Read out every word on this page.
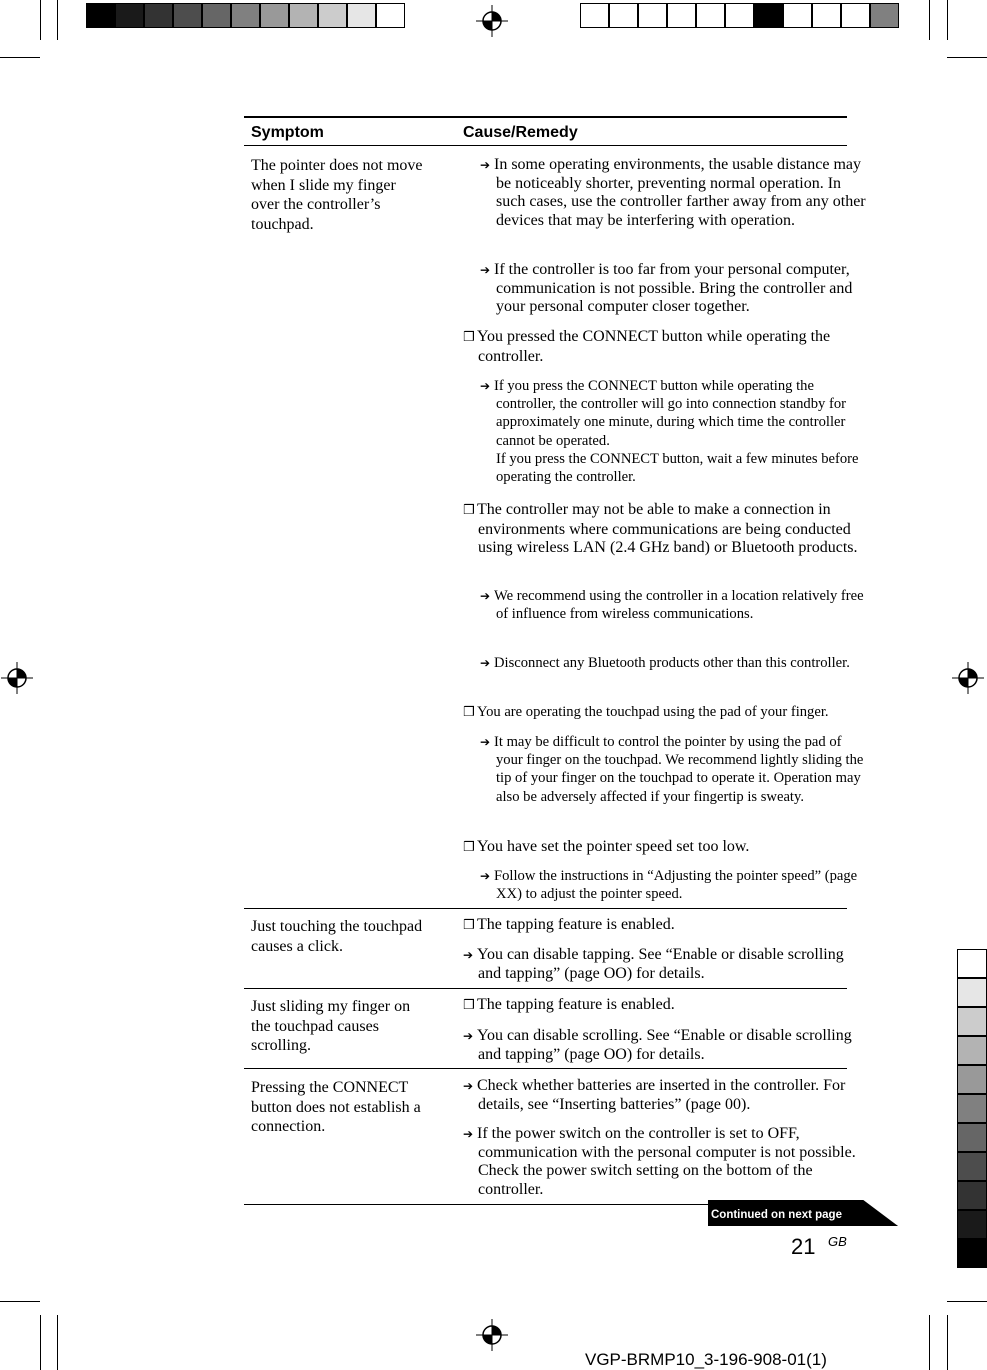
Symptom	Cause/Remedy
The pointer does not move when I slide my finger over the controller’s touchpad.
➔ In some operating environments, the usable distance may be noticeably shorter, preventing normal operation. In such cases, use the controller farther away from any other devices that may be interfering with operation.
➔ If the controller is too far from your personal computer, communication is not possible. Bring the controller and your personal computer closer together.
❒ You pressed the CONNECT button while operating the controller.
➔ If you press the CONNECT button while operating the controller, the controller will go into connection standby for approximately one minute, during which time the controller cannot be operated.
If you press the CONNECT button, wait a few minutes before operating the controller.
❒ The controller may not be able to make a connection in environments where communications are being conducted using wireless LAN (2.4 GHz band) or Bluetooth products.
➔ We recommend using the controller in a location relatively free of influence from wireless communications.
➔ Disconnect any Bluetooth products other than this controller.
❒ You are operating the touchpad using the pad of your finger.
➔ It may be difficult to control the pointer by using the pad of your finger on the touchpad. We recommend lightly sliding the tip of your finger on the touchpad to operate it. Operation may also be adversely affected if your fingertip is sweaty.
❒ You have set the pointer speed set too low.
➔ Follow the instructions in “Adjusting the pointer speed” (page XX) to adjust the pointer speed.
Just touching the touchpad causes a click.
❒ The tapping feature is enabled.
➔ You can disable tapping. See “Enable or disable scrolling and tapping” (page OO) for details.
Just sliding my finger on the touchpad causes scrolling.
❒ The tapping feature is enabled.
➔ You can disable scrolling. See “Enable or disable scrolling and tapping” (page OO) for details.
Pressing the CONNECT button does not establish a connection.
➔ Check whether batteries are inserted in the controller. For details, see “Inserting batteries” (page 00).
➔ If the power switch on the controller is set to OFF, communication with the personal computer is not possible. Check the power switch setting on the bottom of the controller.
Continued on next page
21 GB
VGP-BRMP10_3-196-908-01(1)
